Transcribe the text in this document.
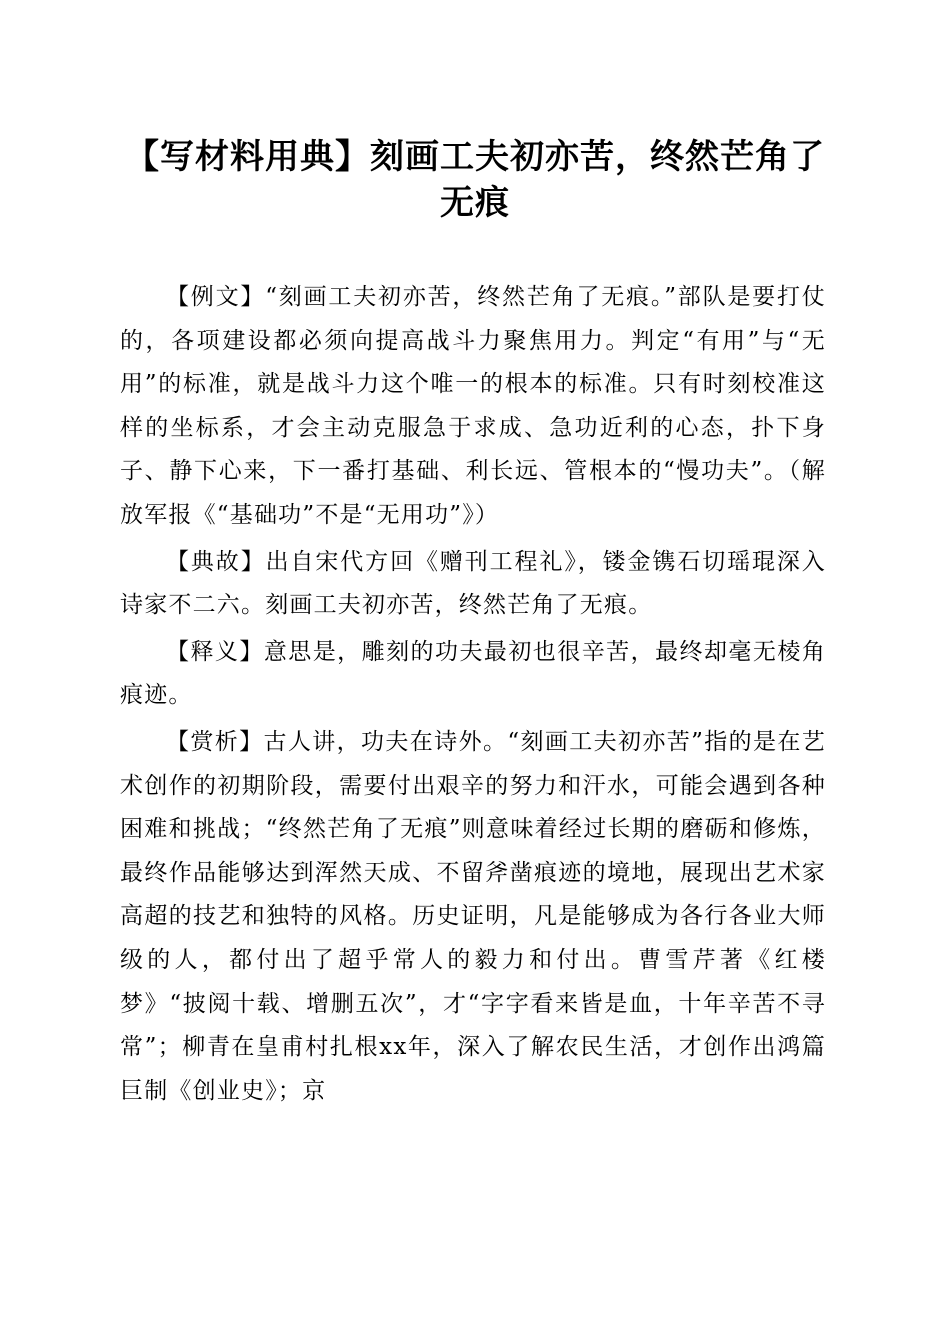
【写材料用典】刻画工夫初亦苦，终然芒角了无痕

【例文】“刻画工夫初亦苦，终然芒角了无痕。”部队是要打仗的，各项建设都必须向提高战斗力聚焦用力。判定“有用”与“无用”的标准，就是战斗力这个唯一的根本的标准。只有时刻校准这样的坐标系，才会主动克服急于求成、急功近利的心态，扑下身子、静下心来，下一番打基础、利长远、管根本的“慢功夫”。（解放军报《“基础功”不是“无用功”》）

【典故】出自宋代方回《赠刊工程礼》，镂金镌石切瑶琨深入诗家不二六。刻画工夫初亦苦，终然芒角了无痕。

【释义】意思是，雕刻的功夫最初也很辛苦，最终却毫无棱角痕迹。

【赏析】古人讲，功夫在诗外。“刻画工夫初亦苦”指的是在艺术创作的初期阶段，需要付出艰辛的努力和汗水，可能会遇到各种困难和挑战；“终然芒角了无痕”则意味着经过长期的磨砺和修炼，最终作品能够达到浑然天成、不留斧凿痕迹的境地，展现出艺术家高超的技艺和独特的风格。历史证明，凡是能够成为各行各业大师级的人，都付出了超乎常人的毅力和付出。曹雪芹著《红楼梦》“披阅十载、增删五次”，才“字字看来皆是血，十年辛苦不寻常”；柳青在皇甫村扎根xx年，深入了解农民生活，才创作出鸿篇巨制《创业史》；京
